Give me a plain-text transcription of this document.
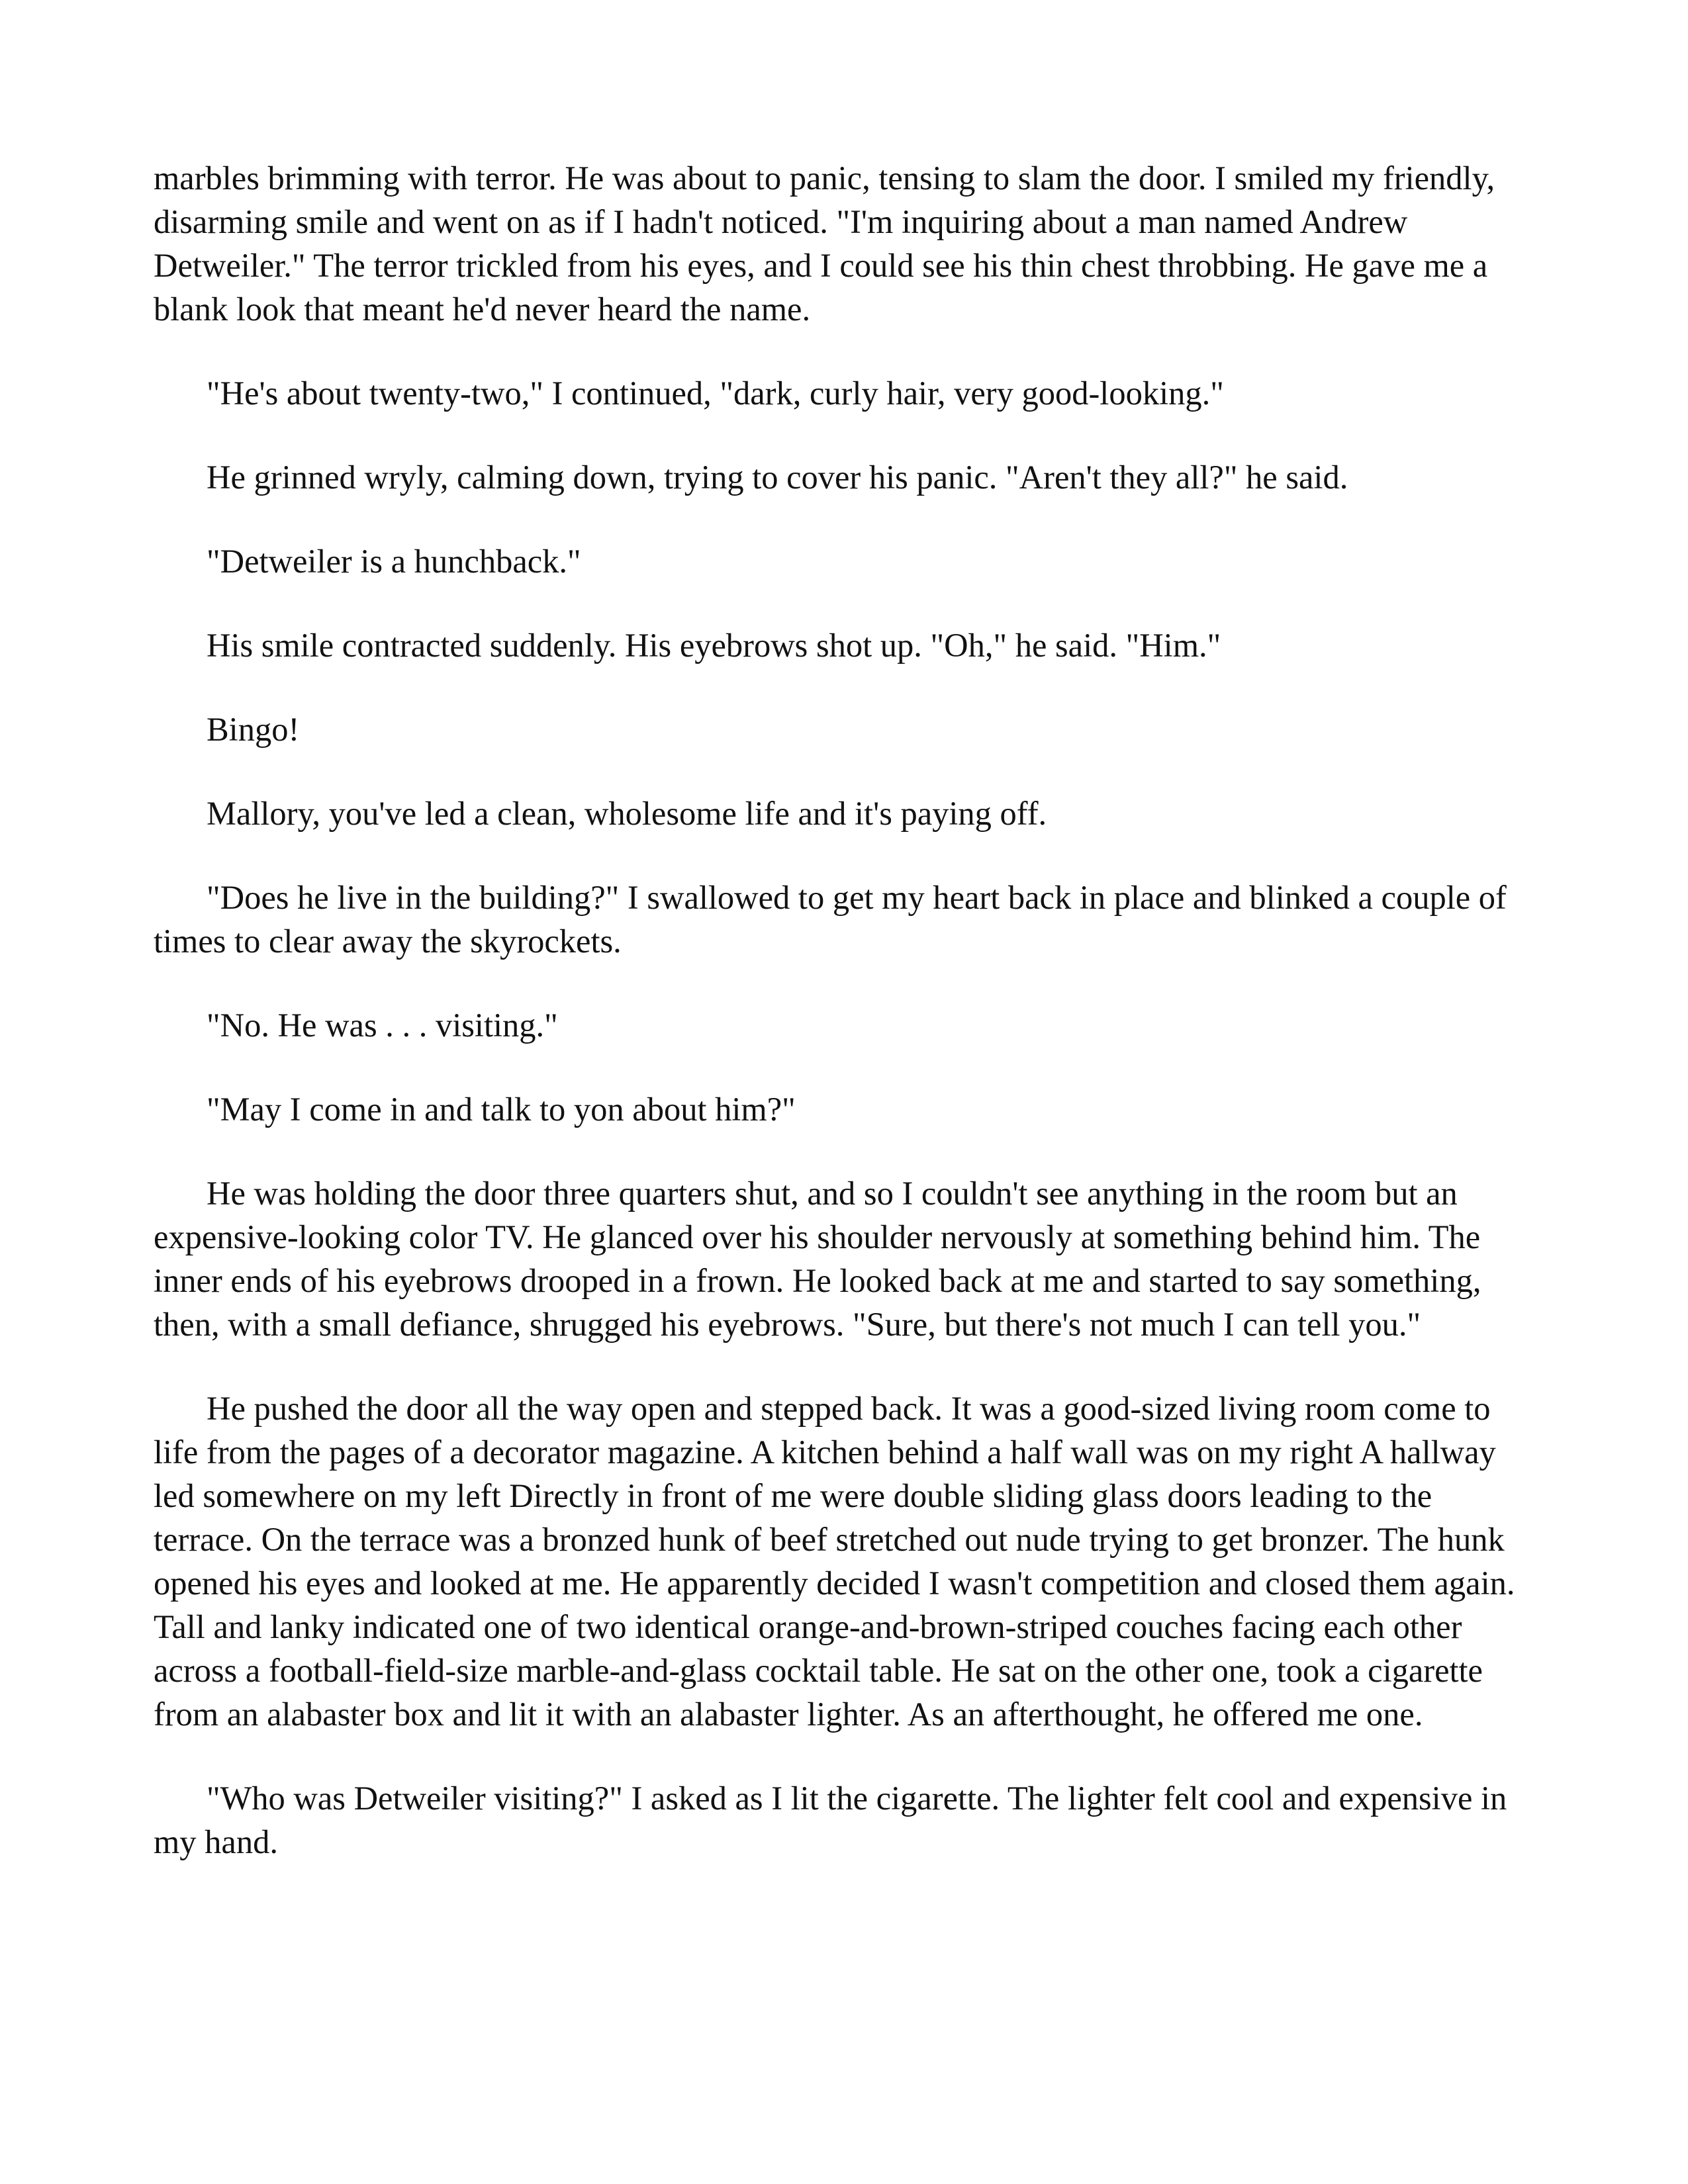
marbles brimming with terror. He was about to panic, tensing to slam the door. I smiled my friendly, disarming smile and went on as if I hadn't noticed. "I'm inquiring about a man named Andrew Detweiler." The terror trickled from his eyes, and I could see his thin chest throbbing. He gave me a blank look that meant he'd never heard the name.

"He's about twenty-two," I continued, "dark, curly hair, very good-looking."

He grinned wryly, calming down, trying to cover his panic. "Aren't they all?" he said.

"Detweiler is a hunchback."

His smile contracted suddenly. His eyebrows shot up. "Oh," he said. "Him."

Bingo!

Mallory, you've led a clean, wholesome life and it's paying off.

"Does he live in the building?" I swallowed to get my heart back in place and blinked a couple of times to clear away the skyrockets.

"No. He was . . . visiting."

"May I come in and talk to yon about him?"

He was holding the door three quarters shut, and so I couldn't see anything in the room but an expensive-looking color TV. He glanced over his shoulder nervously at something behind him. The inner ends of his eyebrows drooped in a frown. He looked back at me and started to say something, then, with a small defiance, shrugged his eyebrows. "Sure, but there's not much I can tell you."

He pushed the door all the way open and stepped back. It was a good-sized living room come to life from the pages of a decorator magazine. A kitchen behind a half wall was on my right A hallway led somewhere on my left Directly in front of me were double sliding glass doors leading to the terrace. On the terrace was a bronzed hunk of beef stretched out nude trying to get bronzer. The hunk opened his eyes and looked at me. He apparently decided I wasn't competition and closed them again. Tall and lanky indicated one of two identical orange-and-brown-striped couches facing each other across a football-field-size marble-and-glass cocktail table. He sat on the other one, took a cigarette from an alabaster box and lit it with an alabaster lighter. As an afterthought, he offered me one.

"Who was Detweiler visiting?" I asked as I lit the cigarette. The lighter felt cool and expensive in my hand.
